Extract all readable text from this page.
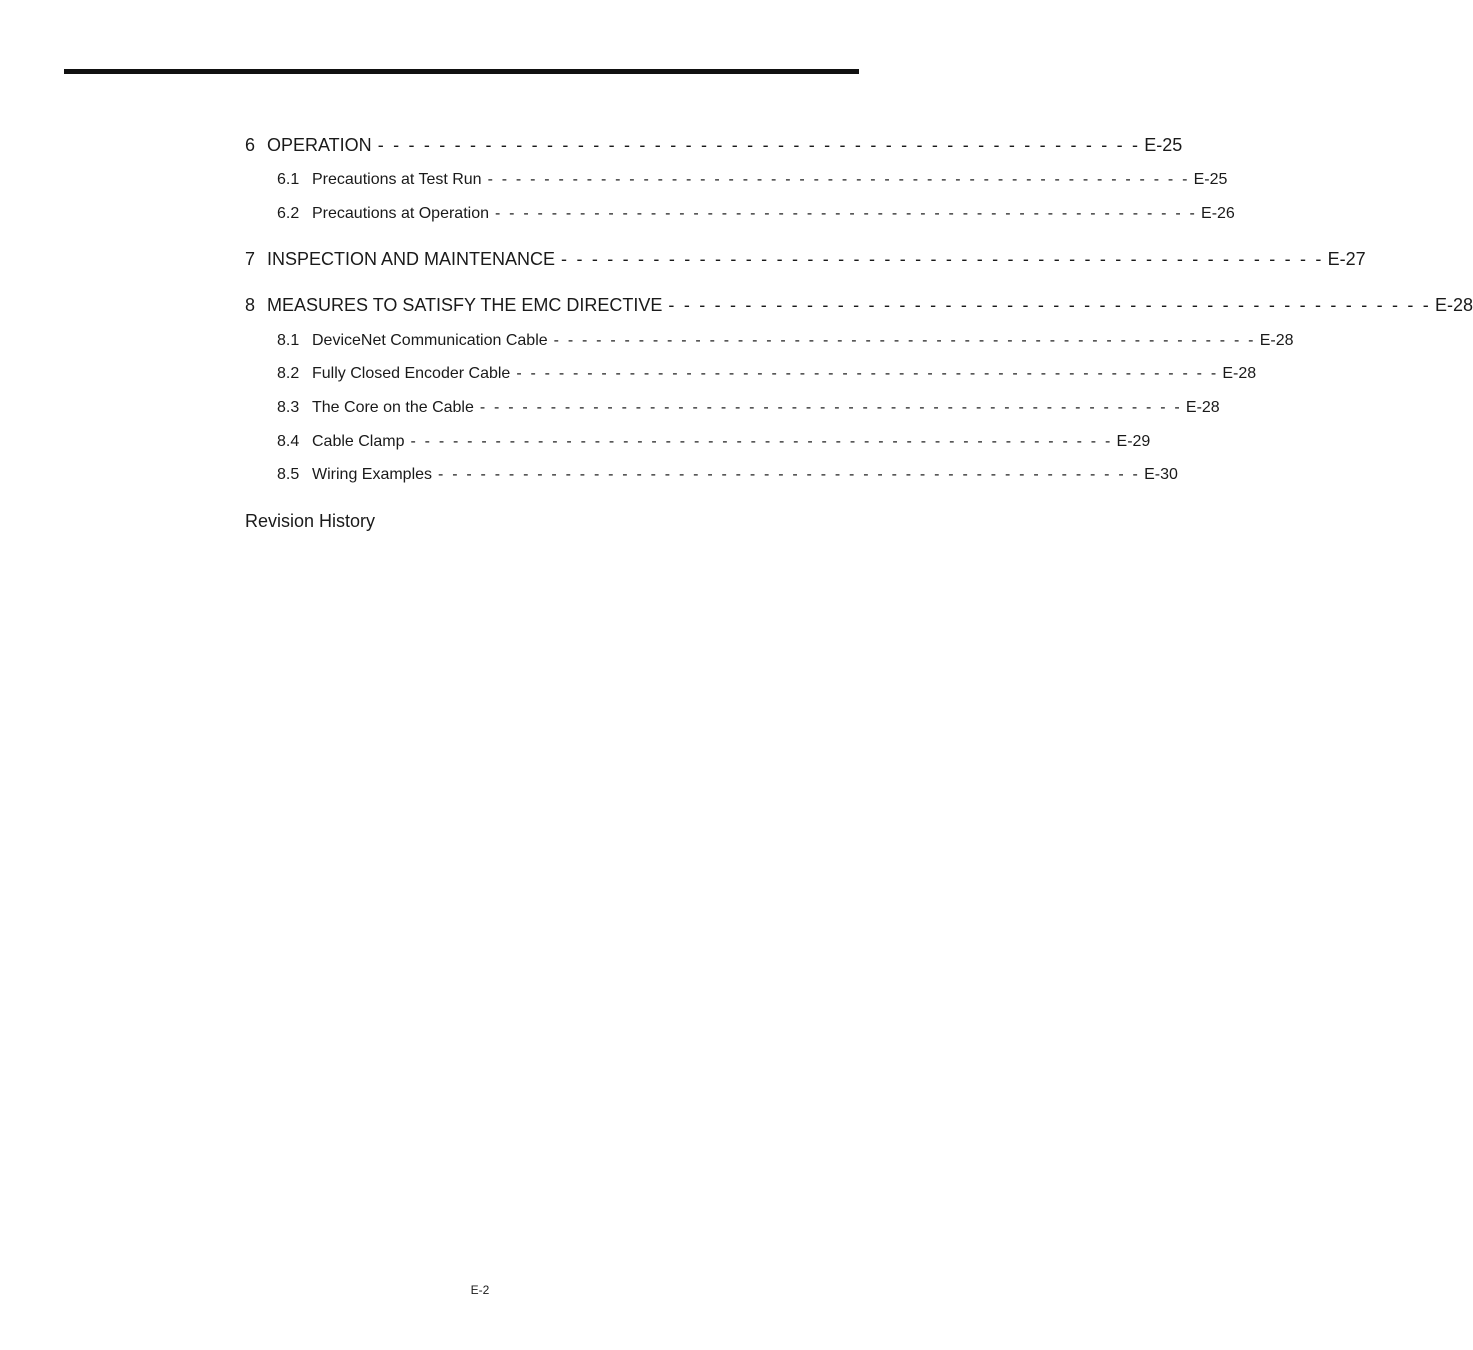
6 OPERATION - - - - - - - - - - - - - - - - - - - - - - - - - - - - - - - - - - - - - - - - - - - - - - - - - - E-25
6.1 Precautions at Test Run - - - - - - - - - - - - - - - - - - - - - - - - - - - - - - - - - - - - - - - - - - - - - - - - - - E-25
6.2 Precautions at Operation - - - - - - - - - - - - - - - - - - - - - - - - - - - - - - - - - - - - - - - - - - - - - - - - - - E-26
7 INSPECTION AND MAINTENANCE - - - - - - - - - - - - - - - - - - - - - - - - - - - - - - - - - - - - - - - - - - - - - - - - - - E-27
8 MEASURES TO SATISFY THE EMC DIRECTIVE - - - - - - - - - - - - - - - - - - - - - - - - - - - - - - - - - - - - - - - - - - - - - - - - - - E-28
8.1 DeviceNet Communication Cable - - - - - - - - - - - - - - - - - - - - - - - - - - - - - - - - - - - - - - - - - - - - - - - - - - E-28
8.2 Fully Closed Encoder Cable - - - - - - - - - - - - - - - - - - - - - - - - - - - - - - - - - - - - - - - - - - - - - - - - - - E-28
8.3 The Core on the Cable - - - - - - - - - - - - - - - - - - - - - - - - - - - - - - - - - - - - - - - - - - - - - - - - - - E-28
8.4 Cable Clamp - - - - - - - - - - - - - - - - - - - - - - - - - - - - - - - - - - - - - - - - - - - - - - - - - - E-29
8.5 Wiring Examples - - - - - - - - - - - - - - - - - - - - - - - - - - - - - - - - - - - - - - - - - - - - - - - - - - E-30
Revision History
E-2
